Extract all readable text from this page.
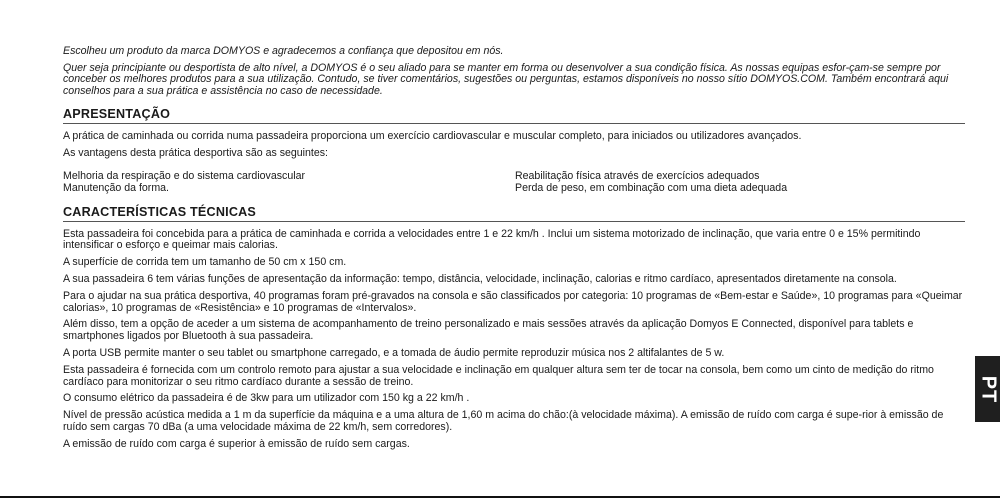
Escolheu um produto da marca DOMYOS e agradecemos a confiança que depositou em nós.

Quer seja principiante ou desportista de alto nível, a DOMYOS é o seu aliado para se manter em forma ou desenvolver a sua condição física. As nossas equipas esfor-çam-se sempre por conceber os melhores produtos para a sua utilização. Contudo, se tiver comentários, sugestões ou perguntas, estamos disponíveis no nosso sítio DOMYOS.COM. Também encontrará aqui conselhos para a sua prática e assistência no caso de necessidade.

APRESENTAÇÃO

A prática de caminhada ou corrida numa passadeira proporciona um exercício cardiovascular e muscular completo, para iniciados ou utilizadores avançados.

As vantagens desta prática desportiva são as seguintes:

Melhoria da respiração e do sistema cardiovascular	Reabilitação física através de exercícios adequados
Manutenção da forma.	Perda de peso, em combinação com uma dieta adequada
CARACTERÍSTICAS TÉCNICAS

Esta passadeira foi concebida para a prática de caminhada e corrida a velocidades entre 1 e 22 km/h . Inclui um sistema motorizado de inclinação, que varia entre 0 e 15% permitindo intensificar o esforço e queimar mais calorias.

A superfície de corrida tem um tamanho de 50 cm x 150 cm.

A sua passadeira 6 tem várias funções de apresentação da informação: tempo, distância, velocidade, inclinação, calorias e ritmo cardíaco, apresentados diretamente na consola.

Para o ajudar na sua prática desportiva, 40 programas foram pré-gravados na consola e são classificados por categoria: 10 programas de «Bem-estar e Saúde», 10 programas para «Queimar calorias», 10 programas de «Resistência» e 10 programas de «Intervalos».

Além disso, tem a opção de aceder a um sistema de acompanhamento de treino personalizado e mais sessões através da aplicação Domyos E Connected, disponível para tablets e smartphones ligados por Bluetooth à sua passadeira.

A porta USB permite manter o seu tablet ou smartphone carregado, e a tomada de áudio permite reproduzir música nos 2 altifalantes de 5 w.

Esta passadeira é fornecida com um controlo remoto para ajustar a sua velocidade e inclinação em qualquer altura sem ter de tocar na consola, bem como um cinto de medição do ritmo cardíaco para monitorizar o seu ritmo cardíaco durante a sessão de treino.

O consumo elétrico da passadeira é de 3kw para um utilizador com 150 kg a 22 km/h .

Nível de pressão acústica medida a 1 m da superfície da máquina e a uma altura de 1,60 m acima do chão:(à velocidade máxima). A emissão de ruído com carga é supe-rior à emissão de ruído sem cargas 70 dBa (a uma velocidade máxima de 22 km/h, sem corredores).

A emissão de ruído com carga é superior à emissão de ruído sem cargas.

PT
